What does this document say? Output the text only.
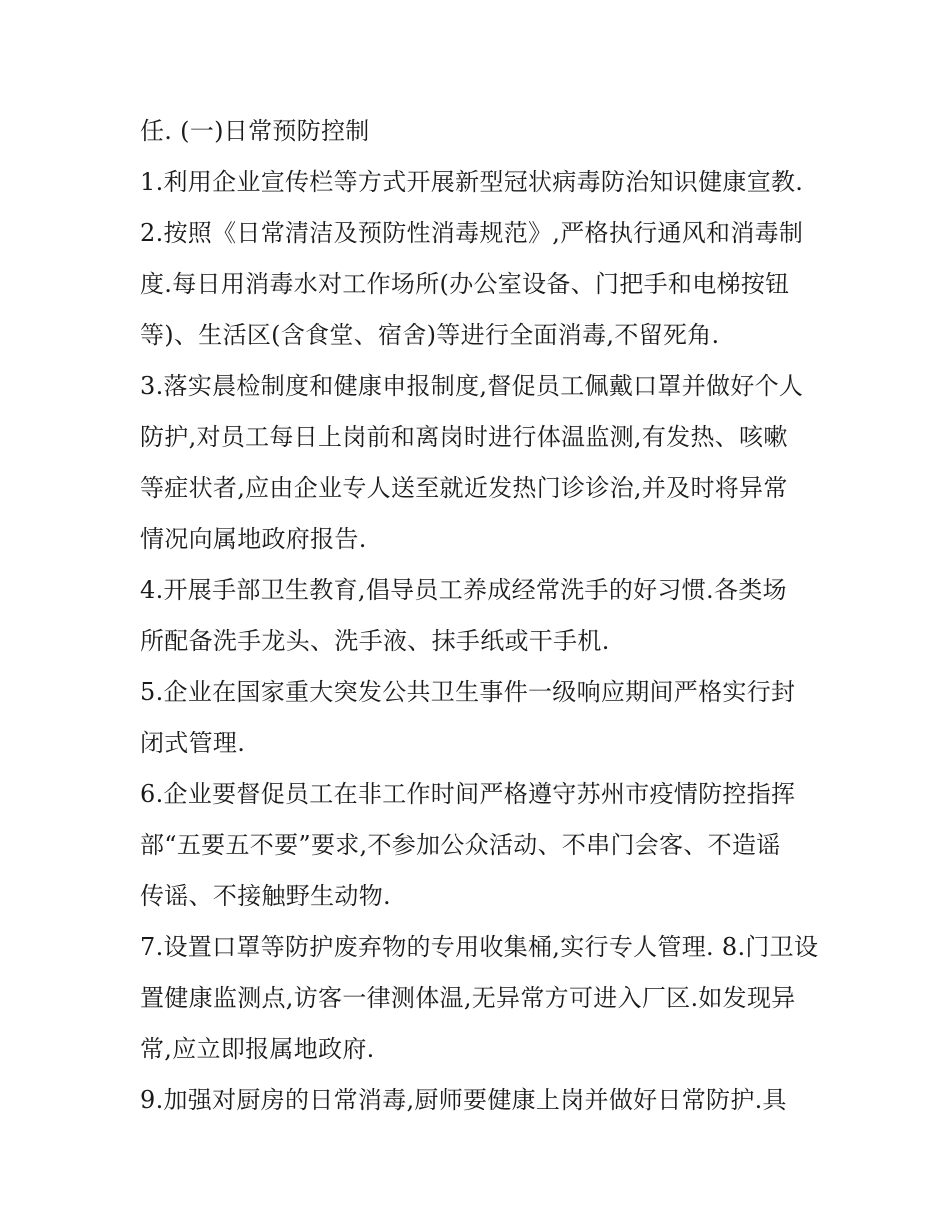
任. (一)日常预防控制
1.利用企业宣传栏等方式开展新型冠状病毒防治知识健康宣教.
2.按照《日常清洁及预防性消毒规范》,严格执行通风和消毒制
度.每日用消毒水对工作场所(办公室设备、门把手和电梯按钮
等)、生活区(含食堂、宿舍)等进行全面消毒,不留死角.
3.落实晨检制度和健康申报制度,督促员工佩戴口罩并做好个人
防护,对员工每日上岗前和离岗时进行体温监测,有发热、咳嗽
等症状者,应由企业专人送至就近发热门诊诊治,并及时将异常
情况向属地政府报告.
4.开展手部卫生教育,倡导员工养成经常洗手的好习惯.各类场
所配备洗手龙头、洗手液、抹手纸或干手机.
5.企业在国家重大突发公共卫生事件一级响应期间严格实行封
闭式管理.
6.企业要督促员工在非工作时间严格遵守苏州市疫情防控指挥
部“五要五不要”要求,不参加公众活动、不串门会客、不造谣
传谣、不接触野生动物.
7.设置口罩等防护废弃物的专用收集桶,实行专人管理. 8.门卫设
置健康监测点,访客一律测体温,无异常方可进入厂区.如发现异
常,应立即报属地政府.
9.加强对厨房的日常消毒,厨师要健康上岗并做好日常防护.具
